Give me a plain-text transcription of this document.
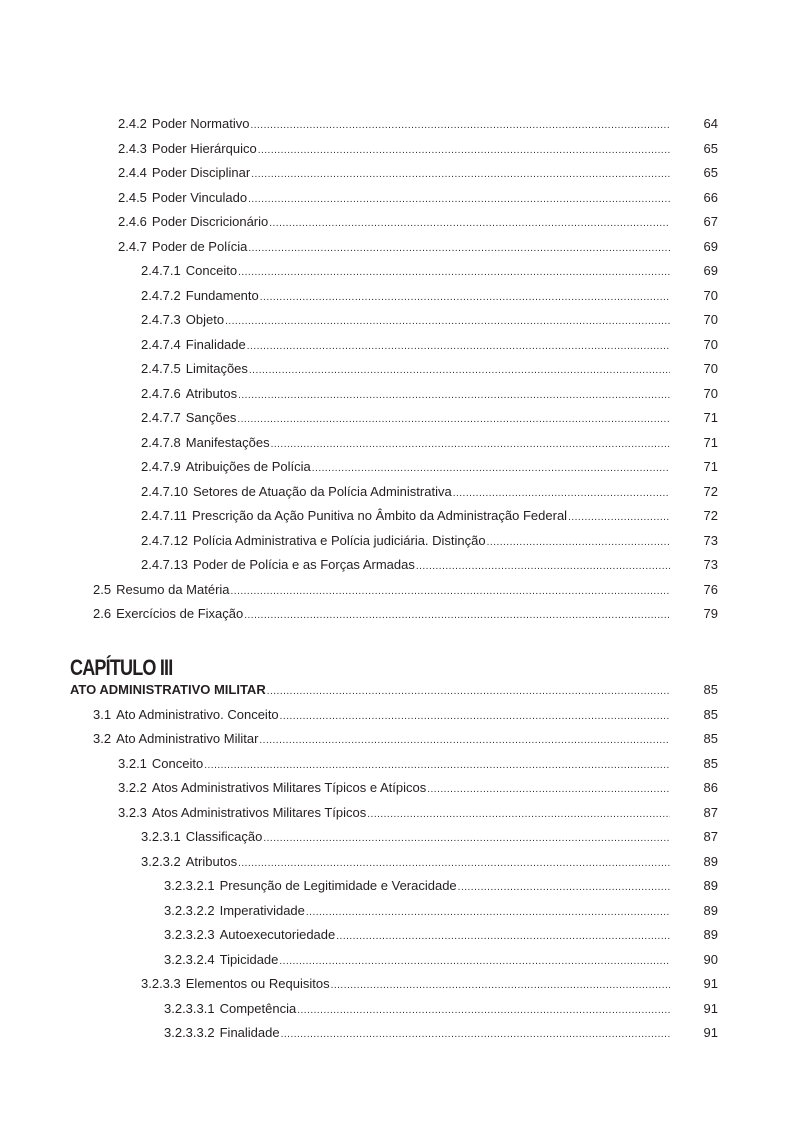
2.4.2 Poder Normativo .....	64
2.4.3 Poder Hierárquico .....	65
2.4.4 Poder Disciplinar .....	65
2.4.5 Poder Vinculado .....	66
2.4.6 Poder Discricionário .....	67
2.4.7 Poder de Polícia .....	69
2.4.7.1 Conceito .....	69
2.4.7.2 Fundamento .....	70
2.4.7.3 Objeto .....	70
2.4.7.4 Finalidade .....	70
2.4.7.5 Limitações .....	70
2.4.7.6 Atributos .....	70
2.4.7.7 Sanções .....	71
2.4.7.8 Manifestações .....	71
2.4.7.9 Atribuições de Polícia .....	71
2.4.7.10 Setores de Atuação da Polícia Administrativa .....	72
2.4.7.11 Prescrição da Ação Punitiva no Âmbito da Administração Federal .....	72
2.4.7.12 Polícia Administrativa e Polícia judiciária. Distinção .....	73
2.4.7.13 Poder de Polícia e as Forças Armadas .....	73
2.5 Resumo da Matéria .....	76
2.6 Exercícios de Fixação .....	79
CAPÍTULO III
ATO ADMINISTRATIVO MILITAR .....	85
3.1 Ato Administrativo. Conceito .....	85
3.2 Ato Administrativo Militar .....	85
3.2.1 Conceito .....	85
3.2.2 Atos Administrativos Militares Típicos e Atípicos .....	86
3.2.3 Atos Administrativos Militares Típicos .....	87
3.2.3.1 Classificação .....	87
3.2.3.2 Atributos .....	89
3.2.3.2.1 Presunção de Legitimidade e Veracidade .....	89
3.2.3.2.2 Imperatividade .....	89
3.2.3.2.3 Autoexecutoriedade .....	89
3.2.3.2.4 Tipicidade .....	90
3.2.3.3 Elementos ou Requisitos .....	91
3.2.3.3.1 Competência .....	91
3.2.3.3.2 Finalidade .....	91
